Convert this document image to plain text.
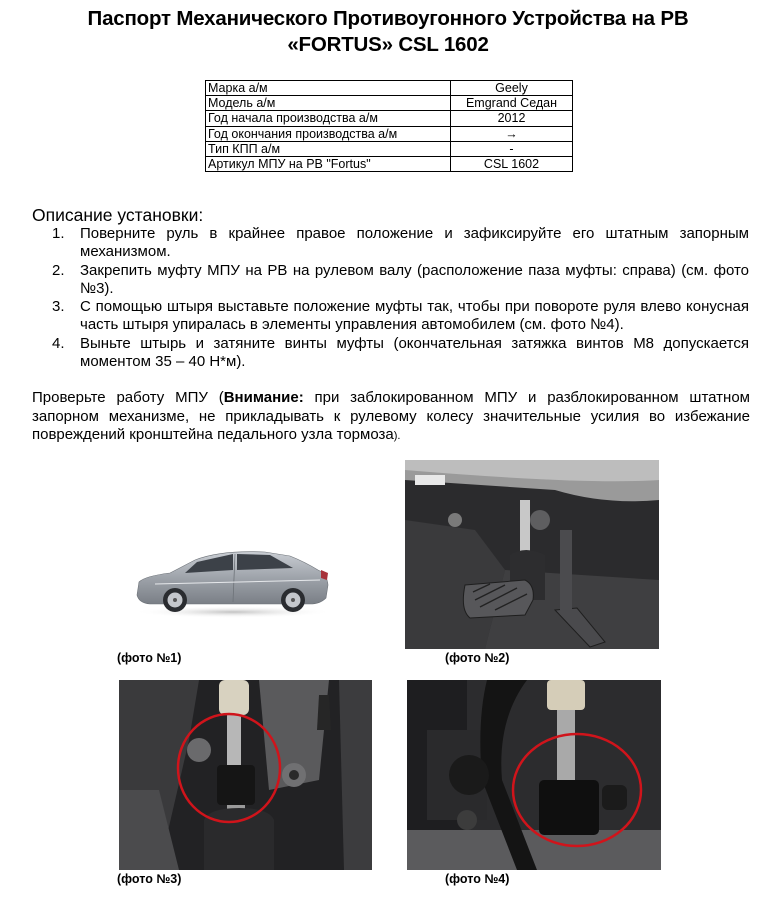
Паспорт Механического Противоугонного Устройства на РВ
«FORTUS» CSL 1602
Марка а/м	Geely
Модель а/м	Emgrand Седан
Год начала производства а/м	2012
Год окончания производства а/м	→
Тип КПП а/м	-
Артикул МПУ на РВ "Fortus"	CSL 1602
Описание установки:
1. Поверните руль в крайнее правое положение и зафиксируйте его штатным запорным механизмом.
2. Закрепить муфту МПУ на РВ на рулевом валу (расположение паза муфты: справа) (см. фото №3).
3. С помощью штыря выставьте положение муфты так, чтобы при повороте руля влево конусная часть штыря упиралась в элементы управления автомобилем (см. фото №4).
4. Выньте штырь и затяните винты муфты (окончательная затяжка винтов М8 допускается моментом 35 – 40 Н*м).
Проверьте работу МПУ (Внимание: при заблокированном МПУ и разблокированном штатном запорном механизме, не прикладывать к рулевому колесу значительные усилия во избежание повреждений кронштейна педального узла тормоза).
(фото №1)	(фото №2)
(фото №3)	(фото №4)
